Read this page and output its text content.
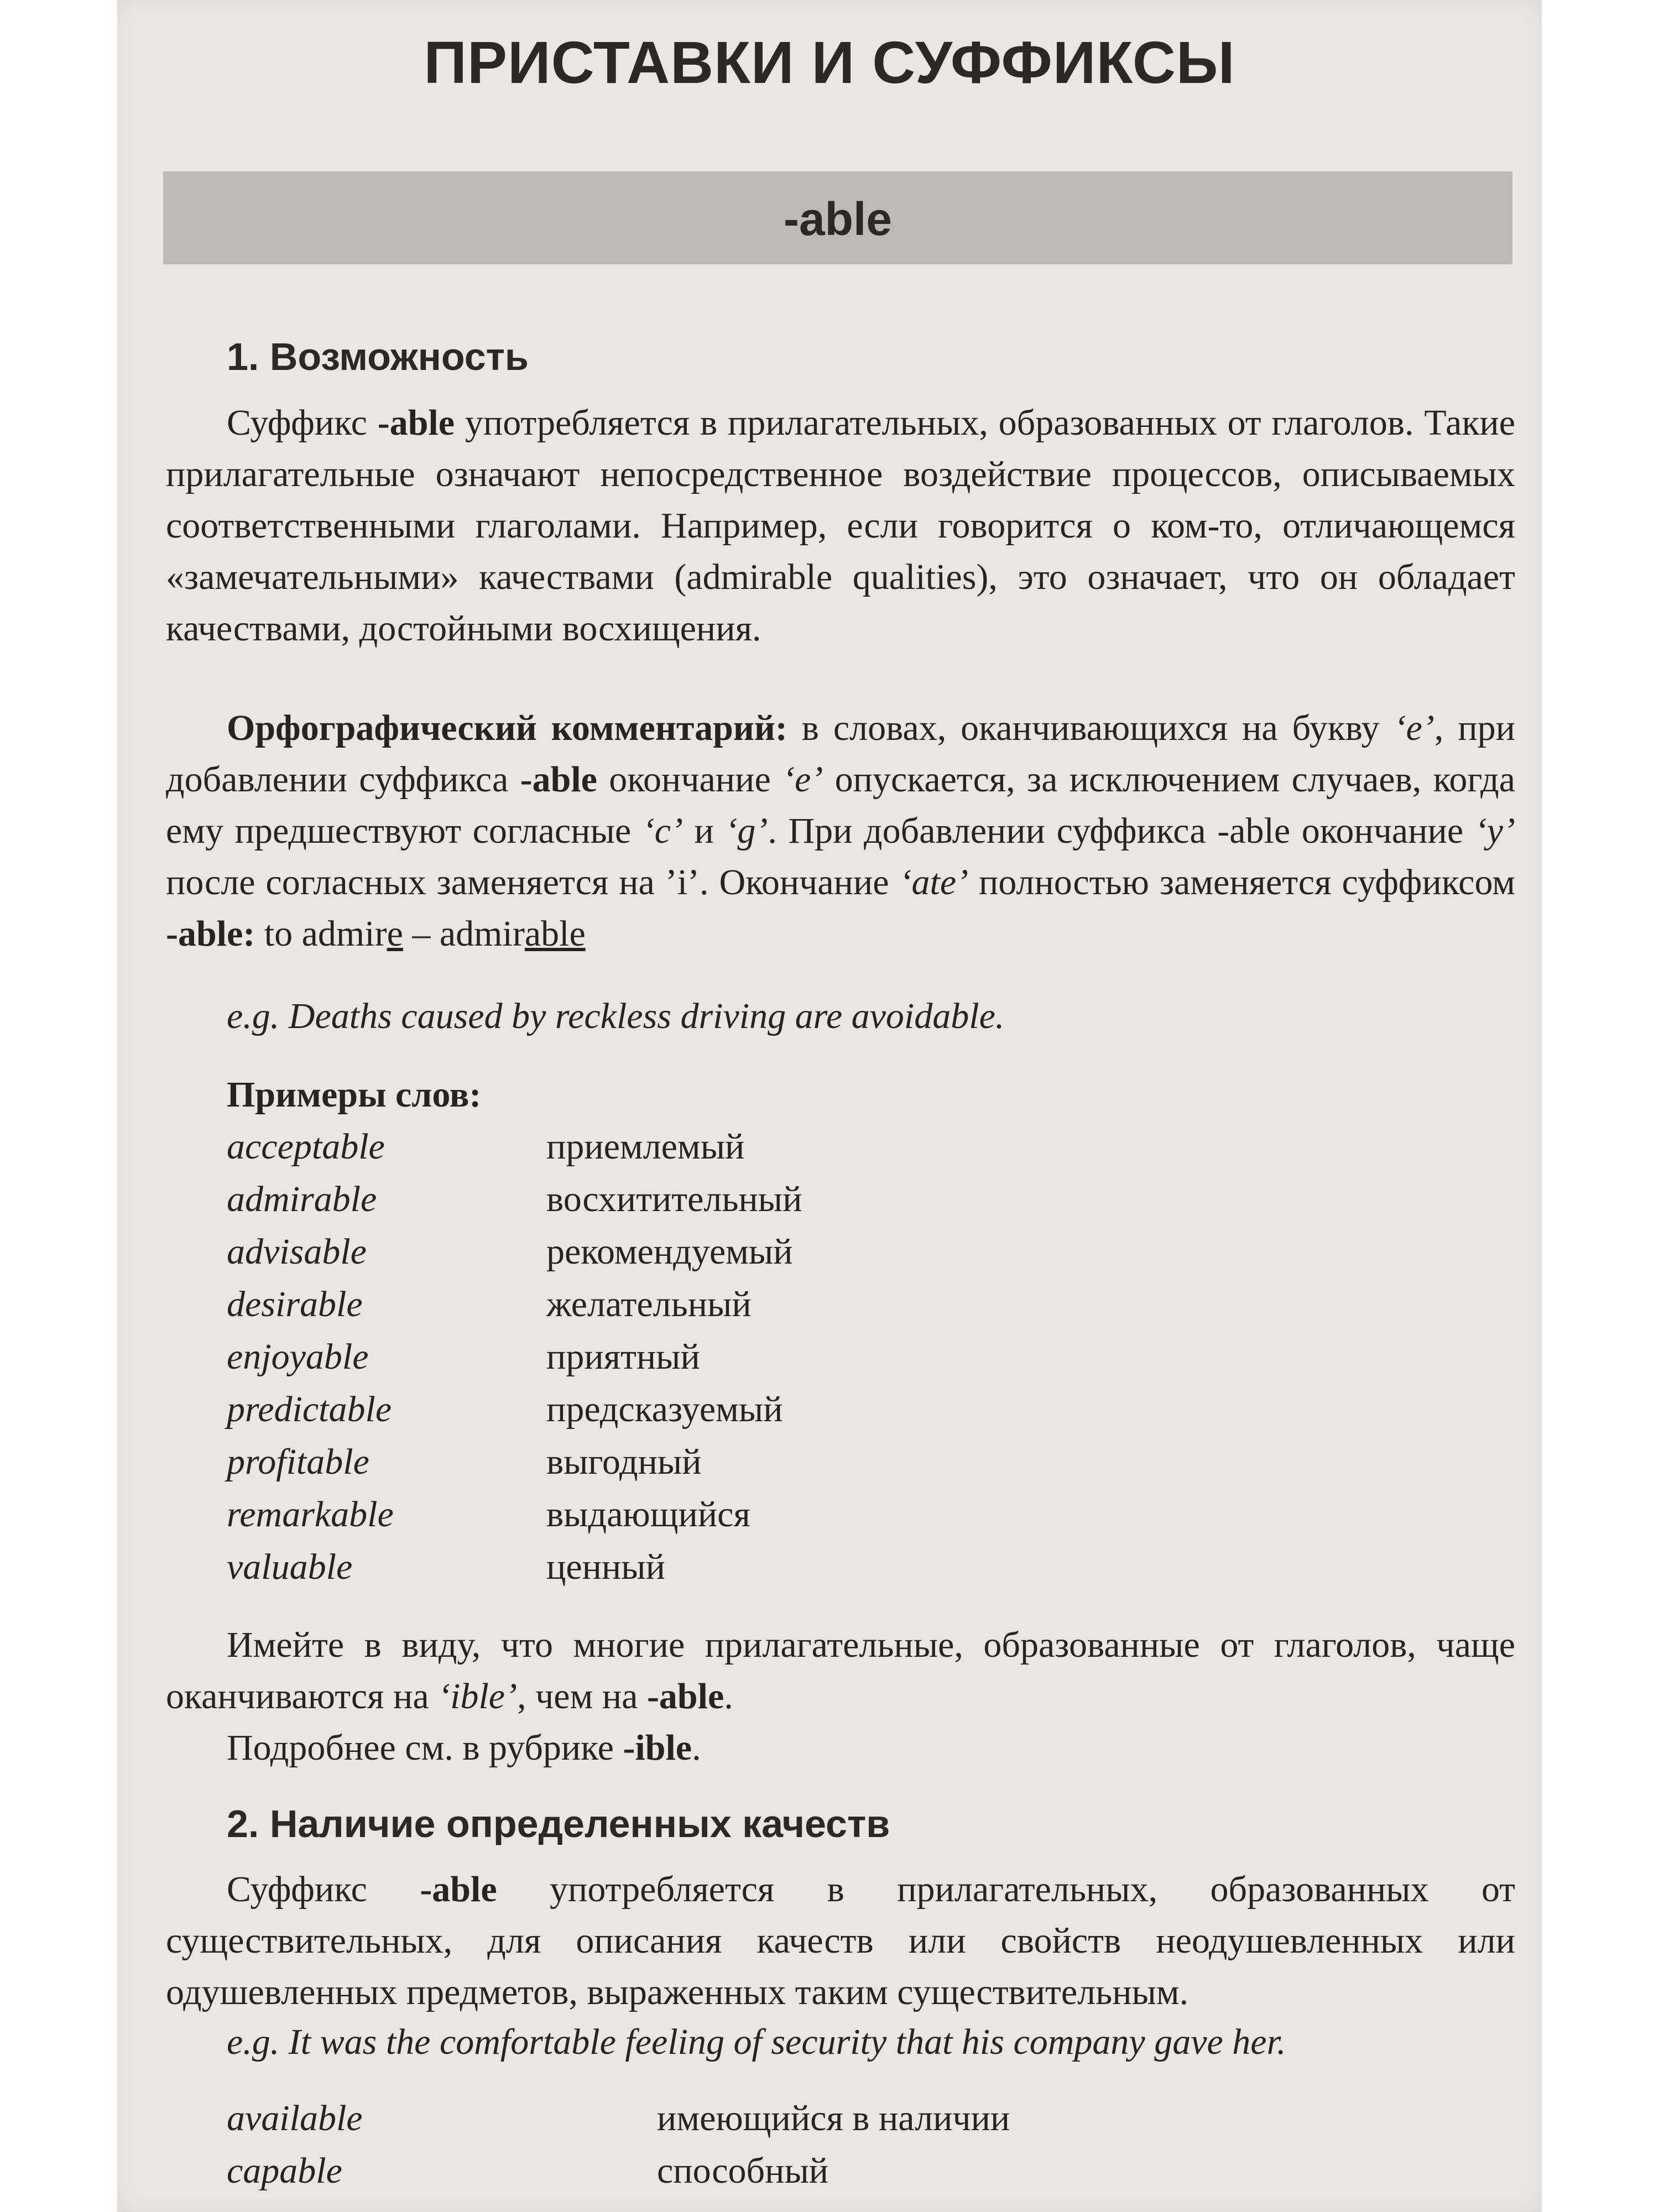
ПРИСТАВКИ И СУФФИКСЫ
-able
1. Возможность
Суффикс -able употребляется в прилагательных, образованных от глаголов. Такие прилагательные означают непосредственное воздействие процессов, описываемых соответственными глаголами. Например, если говорится о ком-то, отличающемся «замечательными» качествами (admirable qualities), это означает, что он обладает качествами, достойными восхищения.
Орфографический комментарий: в словах, оканчивающихся на букву ‘e’, при добавлении суффикса -able окончание ‘e’ опускается, за исключением случаев, когда ему предшествуют согласные ‘c’ и ‘g’. При добавлении суффикса -able окончание ‘y’ после согласных заменяется на ’i’. Окончание ‘ate’ полностью заменяется суффиксом -able: to admire – admirable
e.g. Deaths caused by reckless driving are avoidable.
Примеры слов:
acceptable	приемлемый
admirable	восхитительный
advisable	рекомендуемый
desirable	желательный
enjoyable	приятный
predictable	предсказуемый
profitable	выгодный
remarkable	выдающийся
valuable	ценный
Имейте в виду, что многие прилагательные, образованные от глаголов, чаще оканчиваются на ‘ible’, чем на -able.
Подробнее см. в рубрике -ible.
2. Наличие определенных качеств
Суффикс -able употребляется в прилагательных, образованных от существительных, для описания качеств или свойств неодушевленных или одушевленных предметов, выраженных таким существительным.
e.g. It was the comfortable feeling of security that his company gave her.
available	имеющийся в наличии
capable	способный
